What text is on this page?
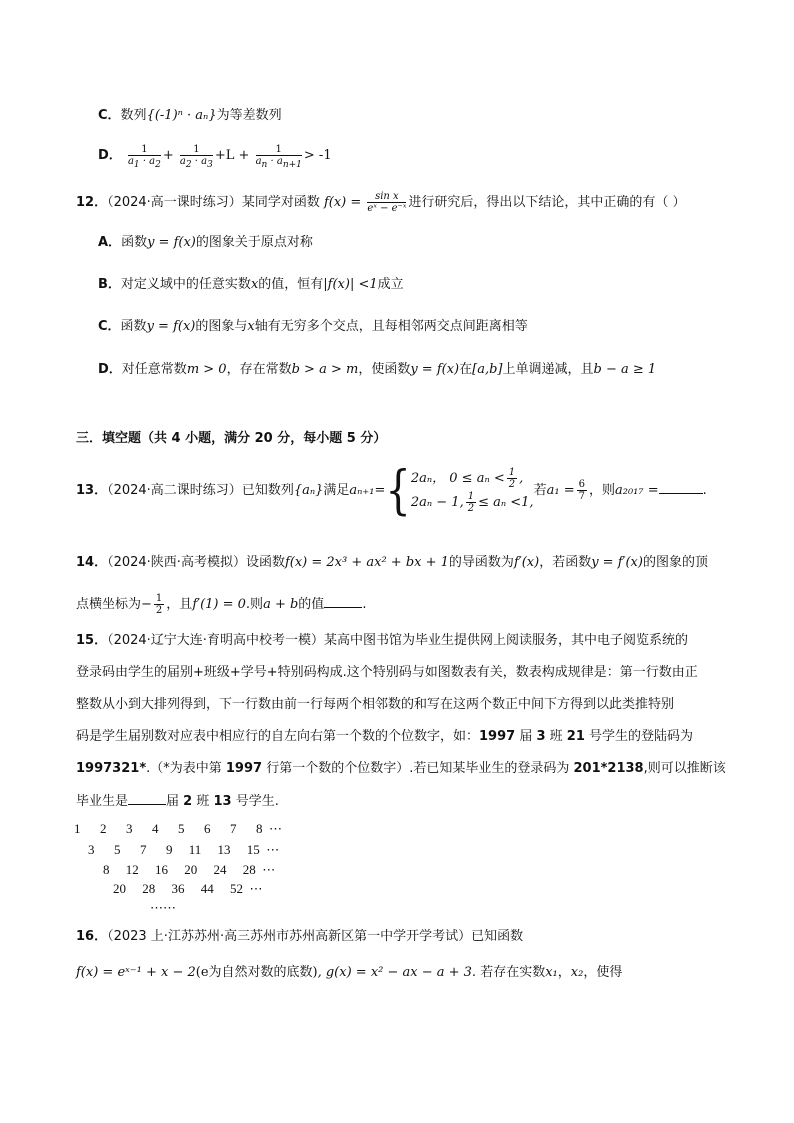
C．数列{(-1)ⁿ · aₙ}为等差数列
D． $\frac{1}{a_1 \cdot a_2} + \frac{1}{a_2 \cdot a_3} +L + \frac{1}{a_n \cdot a_{n+1}} > -1$
12．（2024·高一课时练习）某同学对函数 $f(x) = \frac{\text{sin x}}{\text{eˣ − e⁻ˣ}}$ 进行研究后，得出以下结论，其中正确的有（ ）
A．函数y = f(x)的图象关于原点对称
B．对定义域中的任意实数x的值，恒有|f(x)| <1成立
C．函数y = f(x)的图象与x轴有无穷多个交点，且每相邻两交点间距离相等
D．对任意常数m > 0，存在常数b > a > m，使函数y = f(x)在[a,b]上单调递减，且b − a ≥ 1
三．填空题（共 4 小题，满分 20 分，每小题 5 分）
13．（2024·高二课时练习）已知数列{aₙ}满足aₙ₊₁={ 2aₙ， $0 \le a_n < \frac{1}{2}$ ,
2aₙ − 1, $\frac{1}{2} \le a_n <1$,
若$a_1 = \frac{6}{7}$ ，则a₂₀₁₇ =	.
14．（2024·陕西·高考模拟）设函数f(x) = 2x³ + ax² + bx + 1的导函数为f′(x)，若函数y = f′(x)的图象的顶
点横坐标为− $\frac{1}{2}$ ，且f′(1) = 0.则a + b的值	.
15．（2024·辽宁大连·育明高中校考一模）某高中图书馆为毕业生提供网上阅读服务，其中电子阅览系统的
登录码由学生的届别+班级+学号+特别码构成.这个特别码与如图数表有关，数表构成规律是：第一行数由正
整数从小到大排列得到，下一行数由前一行每两个相邻数的和写在这两个数正中间下方得到以此类推特别
码是学生届别数对应表中相应行的自左向右第一个数的个位数字，如：1997 届 3 班 21 号学生的登陆码为
1997321*.（*为表中第 1997 行第一个数的个位数字）.若已知某毕业生的登录码为 201*2138,则可以推断该
毕业生是	届 2 班 13 号学生.
1      2      3      4      5      6      7      8  ⋯
3      5      7      9     11     13     15  ⋯
8     12     16     20     24     28  ⋯
20     28     36     44     52  ⋯
⋯⋯
16．（2023 上·江苏苏州·高三苏州市苏州高新区第一中学开学考试）已知函数
f(x) = eˣ⁻¹ + x − 2(e为自然对数的底数), g(x) = x² − ax − a + 3. 若存在实数x₁，x₂，使得
